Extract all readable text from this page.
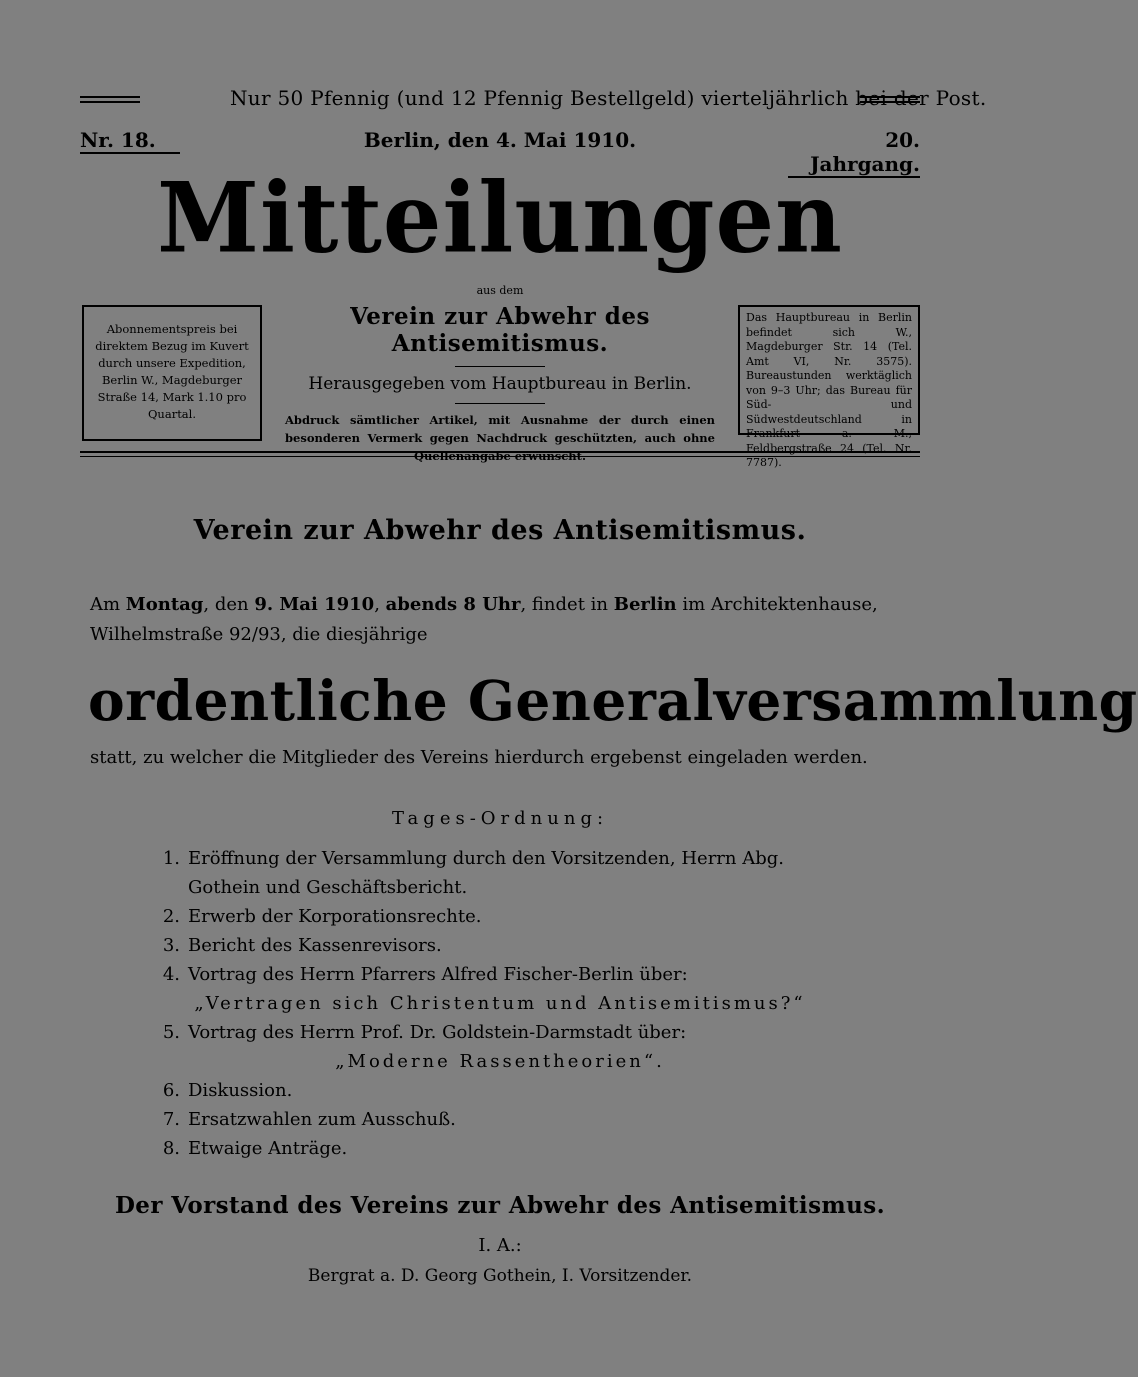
Nur 50 Pfennig (und 12 Pfennig Bestellgeld) vierteljährlich bei der Post.
Berlin, den 4. Mai 1910.
Nr. 18.	20. Jahrgang.
Mitteilungen
Abonnementspreis bei direktem Bezug im Kuvert durch unsere Expedition, Berlin W., Magdeburger Straße 14, Mark 1.10 pro Quartal.
aus dem
Verein zur Abwehr des Antisemitismus.
Herausgegeben vom Hauptbureau in Berlin.
Abdruck sämtlicher Artikel, mit Ausnahme der durch einen besonderen Vermerk gegen Nachdruck geschützten, auch ohne Quellenangabe erwünscht.
Das Hauptbureau in Berlin befindet sich W., Magdeburger Str. 14 (Tel. Amt VI, Nr. 3575). Bureaustunden werktäglich von 9–3 Uhr; das Bureau für Süd- und Südwestdeutschland in Frankfurt a. M., Feldbergstraße 24 (Tel. Nr. 7787).
Verein zur Abwehr des Antisemitismus.
Am Montag, den 9. Mai 1910, abends 8 Uhr, findet in Berlin im Architektenhause, Wilhelmstraße 92/93, die diesjährige
ordentliche Generalversammlung
statt, zu welcher die Mitglieder des Vereins hierdurch ergebenst eingeladen werden.
Tages-Ordnung:
1. Eröffnung der Versammlung durch den Vorsitzenden, Herrn Abg. Gothein und Geschäftsbericht.
2. Erwerb der Korporationsrechte.
3. Bericht des Kassenrevisors.
4. Vortrag des Herrn Pfarrers Alfred Fischer-Berlin über:
„Vertragen sich Christentum und Antisemitismus?“
5. Vortrag des Herrn Prof. Dr. Goldstein-Darmstadt über:
„Moderne Rassentheorien“.
6. Diskussion.
7. Ersatzwahlen zum Ausschuß.
8. Etwaige Anträge.
Der Vorstand des Vereins zur Abwehr des Antisemitismus.
I. A.:
Bergrat a. D. Georg Gothein, I. Vorsitzender.
